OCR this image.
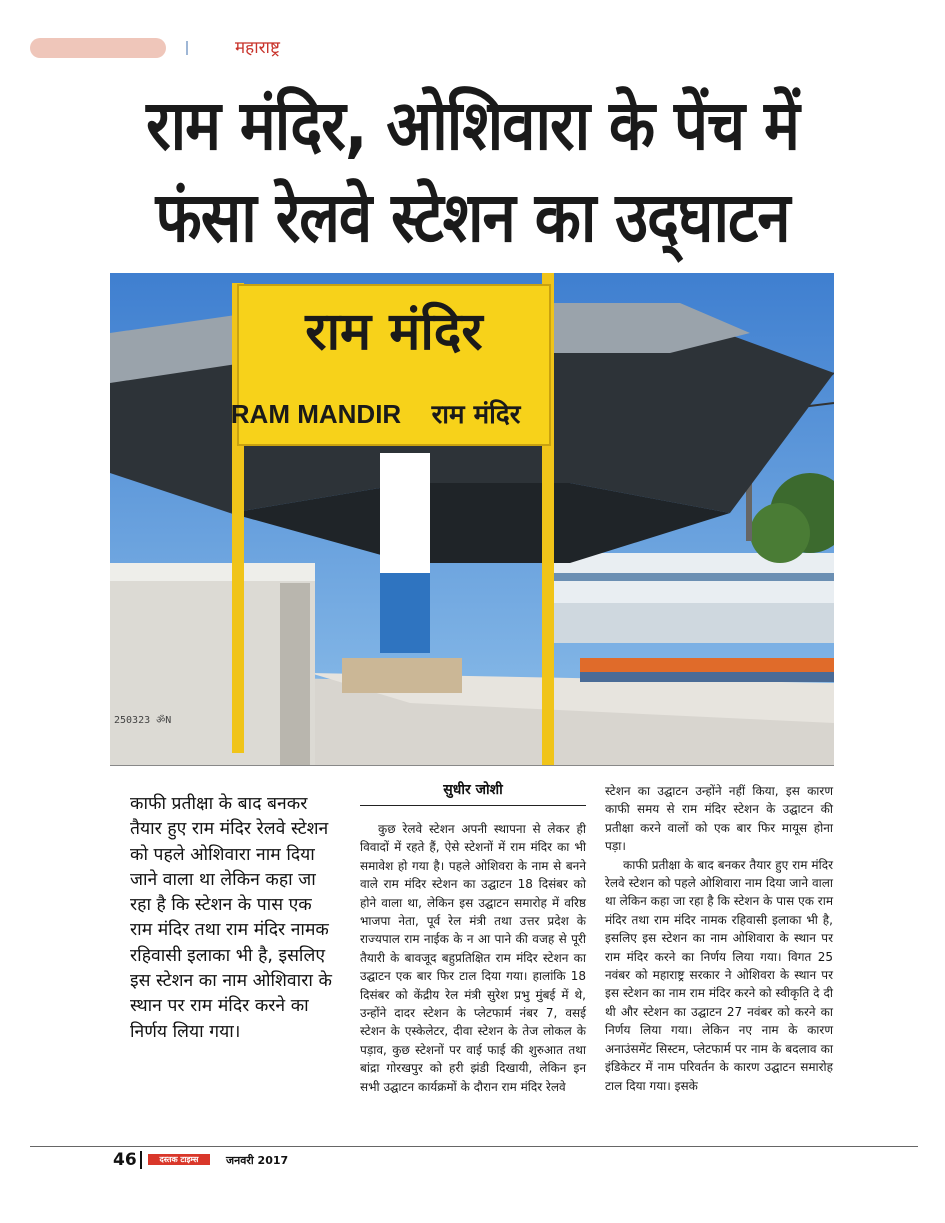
महाराष्ट्र
राम मंदिर, ओशिवारा के पेंच में
फंसा रेलवे स्टेशन का उद्‌घाटन
राम मंदिर
RAM MANDIR राम मंदिर
250323 ॐN
काफी प्रतीक्षा के बाद बनकर तैयार हुए राम मंदिर रेलवे स्टेशन को पहले ओशिवारा नाम दिया जाने वाला था लेकिन कहा जा रहा है कि स्टेशन के पास एक राम मंदिर तथा राम मंदिर नामक रहिवासी इलाका भी है, इसलिए इस स्टेशन का नाम ओशिवारा के स्थान पर राम मंदिर करने का निर्णय लिया गया।
सुधीर जोशी
कुछ रेलवे स्टेशन अपनी स्थापना से लेकर ही विवादों में रहते हैं, ऐसे स्टेशनों में राम मंदिर का भी समावेश हो गया है। पहले ओशिवरा के नाम से बनने वाले राम मंदिर स्टेशन का उद्घाटन 18 दिसंबर को होने वाला था, लेकिन इस उद्घाटन समारोह में वरिष्ठ भाजपा नेता, पूर्व रेल मंत्री तथा उत्तर प्रदेश के राज्यपाल राम नाईक के न आ पाने की वजह से पूरी तैयारी के बावजूद बहुप्रतिक्षित राम मंदिर स्टेशन का उद्घाटन एक बार फिर टाल दिया गया। हालांकि 18 दिसंबर को केंद्रीय रेल मंत्री सुरेश प्रभु मुंबई में थे, उन्होंने दादर स्टेशन के प्लेटफार्म नंबर 7, वसई स्टेशन के एस्केलेटर, दीवा स्टेशन के तेज लोकल के पड़ाव, कुछ स्टेशनों पर वाई फाई की शुरुआत तथा बांद्रा गोरखपुर को हरी झंडी दिखायी, लेकिन इन सभी उद्घाटन कार्यक्रमों के दौरान राम मंदिर रेलवे

स्टेशन का उद्घाटन उन्होंने नहीं किया, इस कारण काफी समय से राम मंदिर स्टेशन के उद्घाटन की प्रतीक्षा करने वालों को एक बार फिर मायूस होना पड़ा।

काफी प्रतीक्षा के बाद बनकर तैयार हुए राम मंदिर रेलवे स्टेशन को पहले ओशिवारा नाम दिया जाने वाला था लेकिन कहा जा रहा है कि स्टेशन के पास एक राम मंदिर तथा राम मंदिर नामक रहिवासी इलाका भी है, इसलिए इस स्टेशन का नाम ओशिवारा के स्थान पर राम मंदिर करने का निर्णय लिया गया। विगत 25 नवंबर को महाराष्ट्र सरकार ने ओशिवरा के स्थान पर इस स्टेशन का नाम राम मंदिर करने को स्वीकृति दे दी थी और स्टेशन का उद्घाटन 27 नवंबर को करने का निर्णय लिया गया। लेकिन नए नाम के कारण अनाउंसमेंट सिस्टम, प्लेटफार्म पर नाम के बदलाव का इंडिकेटर में नाम परिवर्तन के कारण उद्घाटन समारोह टाल दिया गया। इसके

46	दस्तक टाइम्स	जनवरी 2017
